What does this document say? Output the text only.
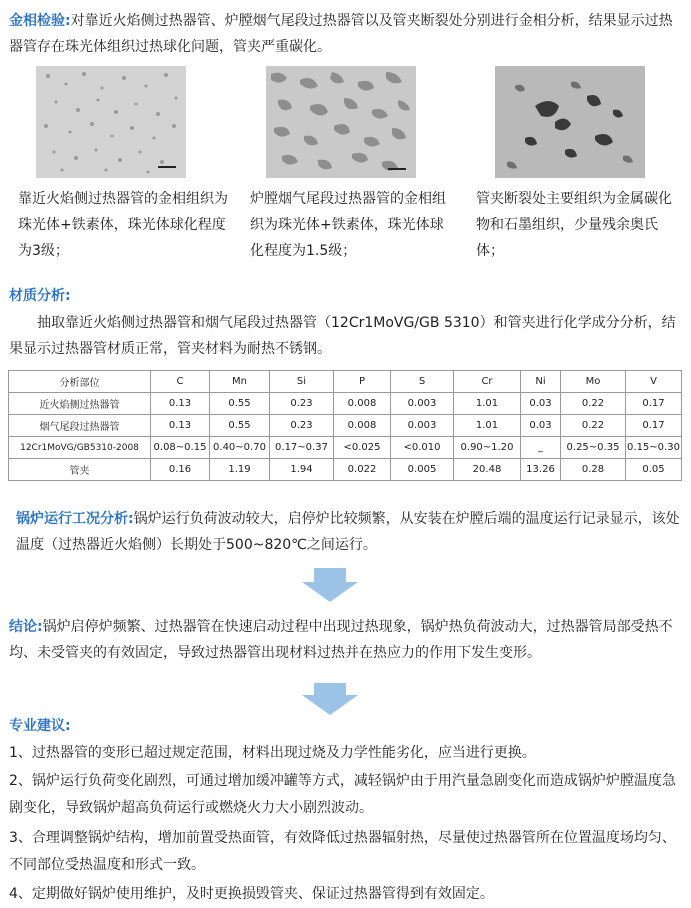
金相检验:对靠近火焰侧过热器管、炉膛烟气尾段过热器管以及管夹断裂处分别进行金相分析，结果显示过热器管存在珠光体组织过热球化问题，管夹严重碳化。

靠近火焰侧过热器管的金相组织为珠光体+铁素体，珠光体球化程度为3级；
炉膛烟气尾段过热器管的金相组织为珠光体+铁素体，珠光体球化程度为1.5级；
管夹断裂处主要组织为金属碳化物和石墨组织，少量残余奥氏体；

材质分析:

抽取靠近火焰侧过热器管和烟气尾段过热器管（12Cr1MoVG/GB 5310）和管夹进行化学成分分析，结果显示过热器管材质正常，管夹材料为耐热不锈钢。

分析部位	C	Mn	Si	P	S	Cr	Ni	Mo	V
近火焰侧过热器管	0.13	0.55	0.23	0.008	0.003	1.01	0.03	0.22	0.17
烟气尾段过热器管	0.13	0.55	0.23	0.008	0.003	1.01	0.03	0.22	0.17
12Cr1MoVG/GB5310-2008	0.08~0.15	0.40~0.70	0.17~0.37	<0.025	<0.010	0.90~1.20	_	0.25~0.35	0.15~0.30
管夹	0.16	1.19	1.94	0.022	0.005	20.48	13.26	0.28	0.05

锅炉运行工况分析:锅炉运行负荷波动较大，启停炉比较频繁，从安装在炉膛后端的温度运行记录显示，该处温度（过热器近火焰侧）长期处于500~820℃之间运行。

结论:锅炉启停炉频繁、过热器管在快速启动过程中出现过热现象，锅炉热负荷波动大，过热器管局部受热不均、未受管夹的有效固定，导致过热器管出现材料过热并在热应力的作用下发生变形。

专业建议:

1、过热器管的变形已超过规定范围，材料出现过烧及力学性能劣化，应当进行更换。

2、锅炉运行负荷变化剧烈，可通过增加缓冲罐等方式，减轻锅炉由于用汽量急剧变化而造成锅炉炉膛温度急剧变化，导致锅炉超高负荷运行或燃烧火力大小剧烈波动。

3、合理调整锅炉结构，增加前置受热面管，有效降低过热器辐射热，尽量使过热器管所在位置温度场均匀、不同部位受热温度和形式一致。

4、定期做好锅炉使用维护，及时更换损毁管夹、保证过热器管得到有效固定。
